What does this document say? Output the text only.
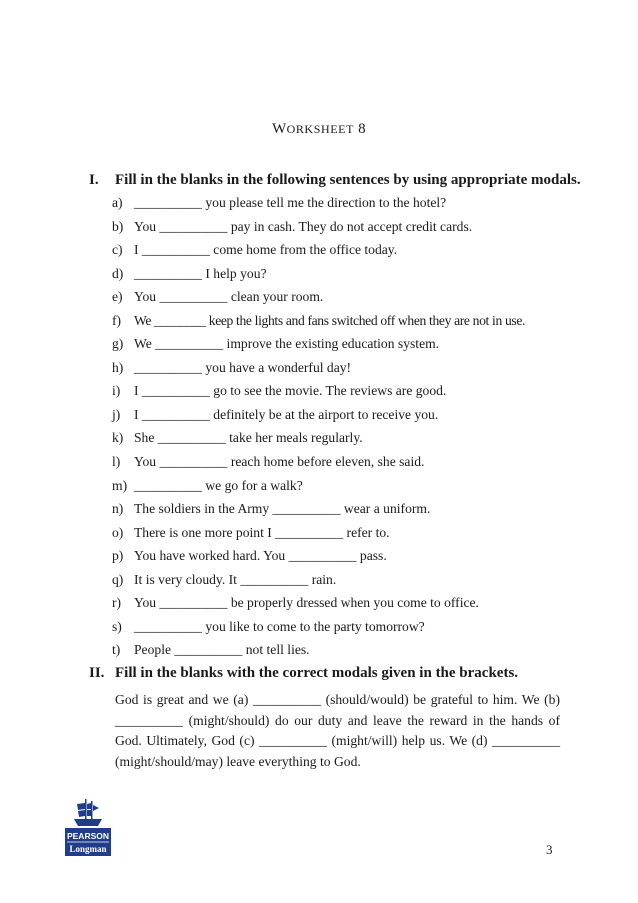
WORKSHEET 8
I. Fill in the blanks in the following sentences by using appropriate modals.
a) __________ you please tell me the direction to the hotel?
b) You __________ pay in cash. They do not accept credit cards.
c) I __________ come home from the office today.
d) __________ I help you?
e) You __________ clean your room.
f) We ________ keep the lights and fans switched off when they are not in use.
g) We __________ improve the existing education system.
h) __________ you have a wonderful day!
i) I __________ go to see the movie. The reviews are good.
j) I __________ definitely be at the airport to receive you.
k) She __________ take her meals regularly.
l) You __________ reach home before eleven, she said.
m) __________ we go for a walk?
n) The soldiers in the Army __________ wear a uniform.
o) There is one more point I __________ refer to.
p) You have worked hard. You __________ pass.
q) It is very cloudy. It __________ rain.
r) You __________ be properly dressed when you come to office.
s) __________ you like to come to the party tomorrow?
t) People __________ not tell lies.
II. Fill in the blanks with the correct modals given in the brackets.

God is great and we (a) __________ (should/would) be grateful to him. We (b) __________ (might/should) do our duty and leave the reward in the hands of God. Ultimately, God (c) __________ (might/will) help us. We (d) __________ (might/should/may) leave everything to God.

PEARSON
Longman	3
